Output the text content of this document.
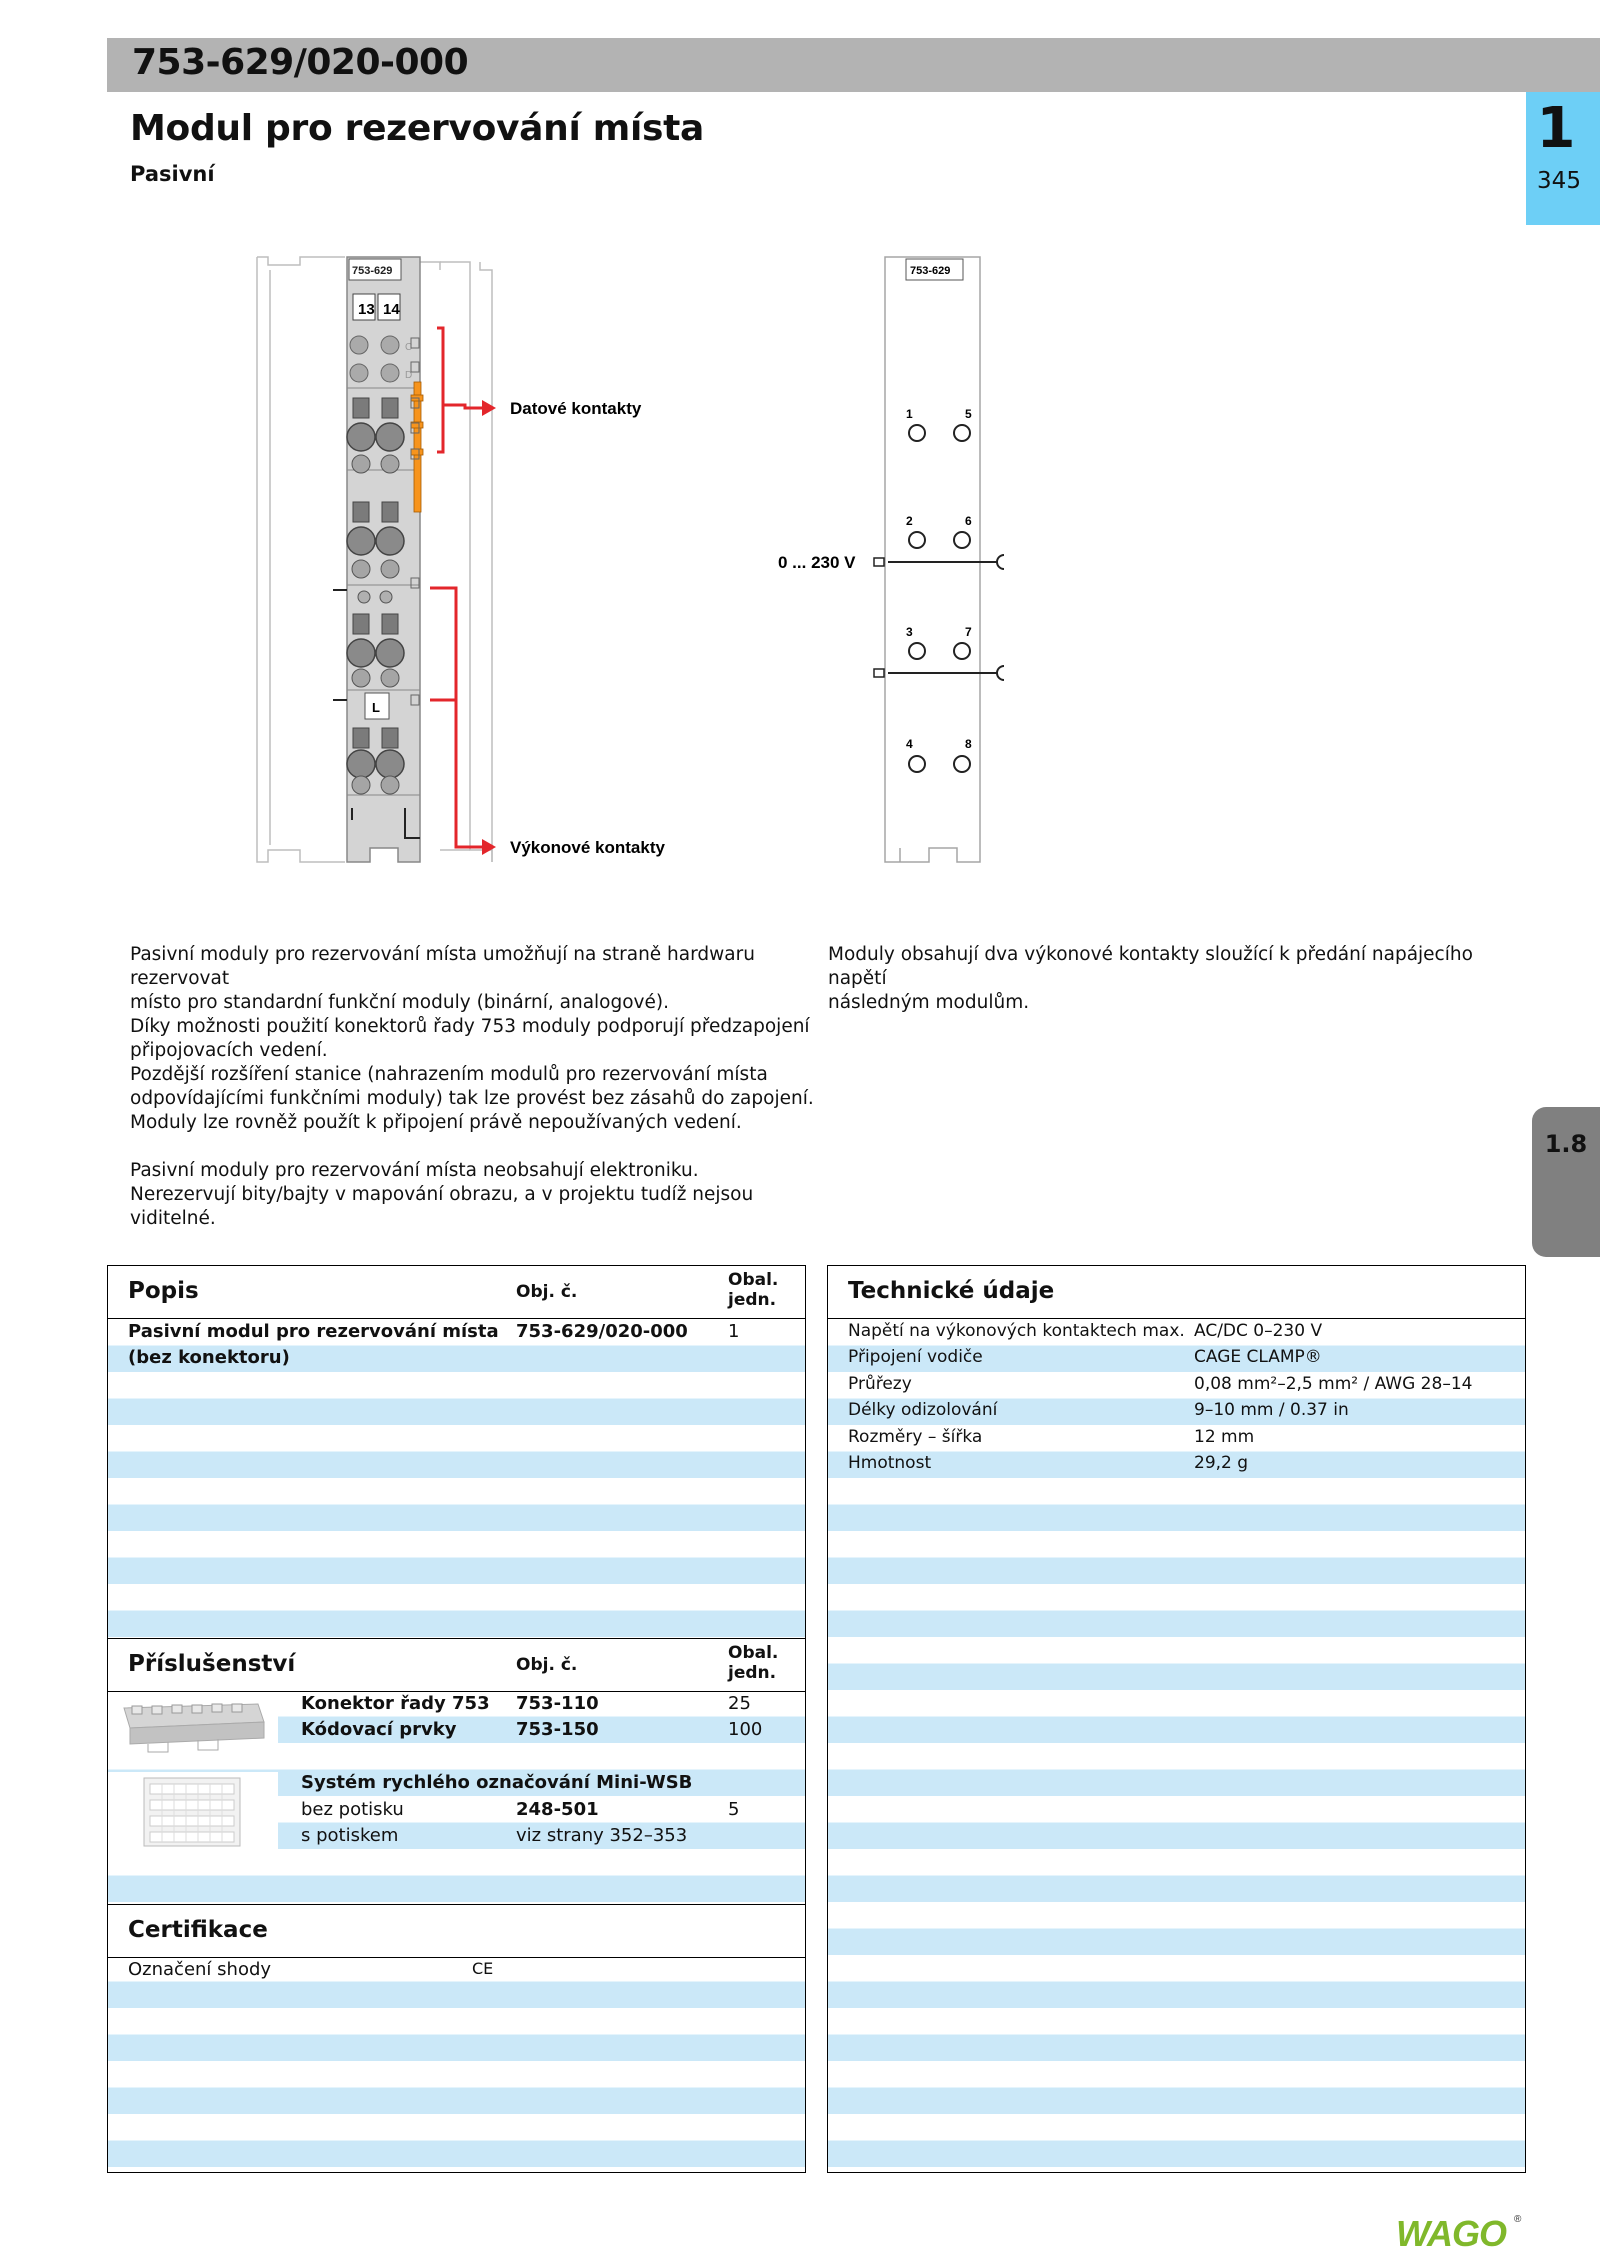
753-629/020-000
Modul pro rezervování místa
Pasivní
1
345
1.8
753-629
13 14
C
D
L
Datové kontakty
Výkonové kontakty
753-629
1	5
2	6
3	7
4	8
0 ... 230 V
Pasivní moduly pro rezervování místa umožňují na straně hardwaru rezervovat
místo pro standardní funkční moduly (binární, analogové).
Díky možnosti použití konektorů řady 753 moduly podporují předzapojení
připojovacích vedení.
Pozdější rozšíření stanice (nahrazením modulů pro rezervování místa
odpovídajícími funkčními moduly) tak lze provést bez zásahů do zapojení.
Moduly lze rovněž použít k připojení právě nepoužívaných vedení.
Pasivní moduly pro rezervování místa neobsahují elektroniku.
Nerezervují bity/bajty v mapování obrazu, a v projektu tudíž nejsou viditelné.
Moduly obsahují dva výkonové kontakty sloužící k předání napájecího napětí
následným modulům.
Popis	Obj. č.
Obal.
jedn.
Pasivní modul pro rezervování místa
(bez konektoru)
753-629/020-000 1
Příslušenství	Obj. č.
Obal.
jedn.
Konektor řady 753 753-110	25
Kódovací prvky	753-150	100
Systém rychlého označování Mini-WSB
bez potisku	248-501	5
s potiskem	viz strany 352–353
Certifikace
Označení shody	CE
Technické údaje
Napětí na výkonových kontaktech max. AC/DC 0–230 V
Připojení vodiče	CAGE CLAMP®
Průřezy	0,08 mm²–2,5 mm² / AWG 28–14
Délky odizolování	9–10 mm / 0.37 in
Rozměry – šířka	12 mm
Hmotnost	29,2 g
WAGO ®
